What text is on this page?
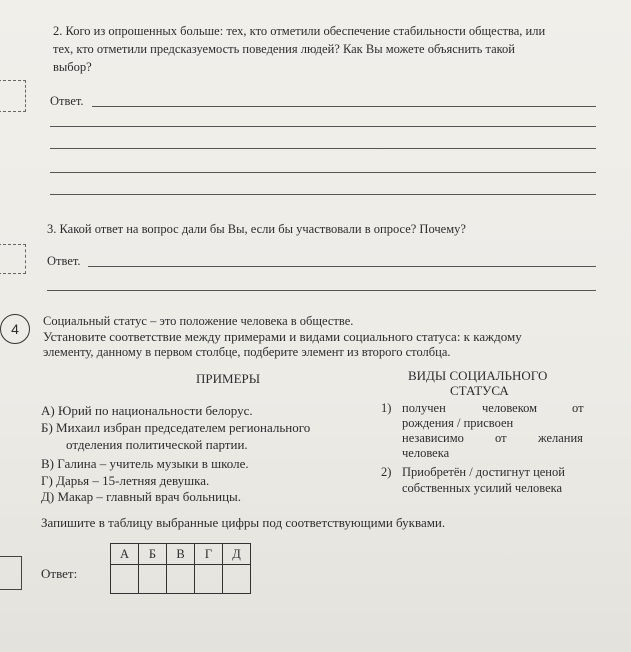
2. Кого из опрошенных больше: тех, кто отметили обеспечение стабильности общества, или
тех, кто отметили предсказуемость поведения людей? Как Вы можете объяснить такой
выбор?
Ответ.
3. Какой ответ на вопрос дали бы Вы, если бы участвовали в опросе? Почему?
Ответ.
4	Социальный статус – это положение человека в обществе.
Установите соответствие между примерами и видами социального статуса: к каждому
элементу, данному в первом столбце, подберите элемент из второго столбца.
ПРИМЕРЫ	ВИДЫ СОЦИАЛЬНОГО
СТАТУСА
А) Юрий по национальности белорус.
Б) Михаил избран председателем регионального
отделения политической партии.
В) Галина – учитель музыки в школе.
Г) Дарья – 15-летняя девушка.
Д) Макар – главный врач больницы.
1) получен	человеком	от
рождения / присвоен
независимо от	желания
человека
2) Приобретён / достигнут ценой
собственных усилий человека
Запишите в таблицу выбранные цифры под соответствующими буквами.
Ответ:
А	Б	В	Г	Д
